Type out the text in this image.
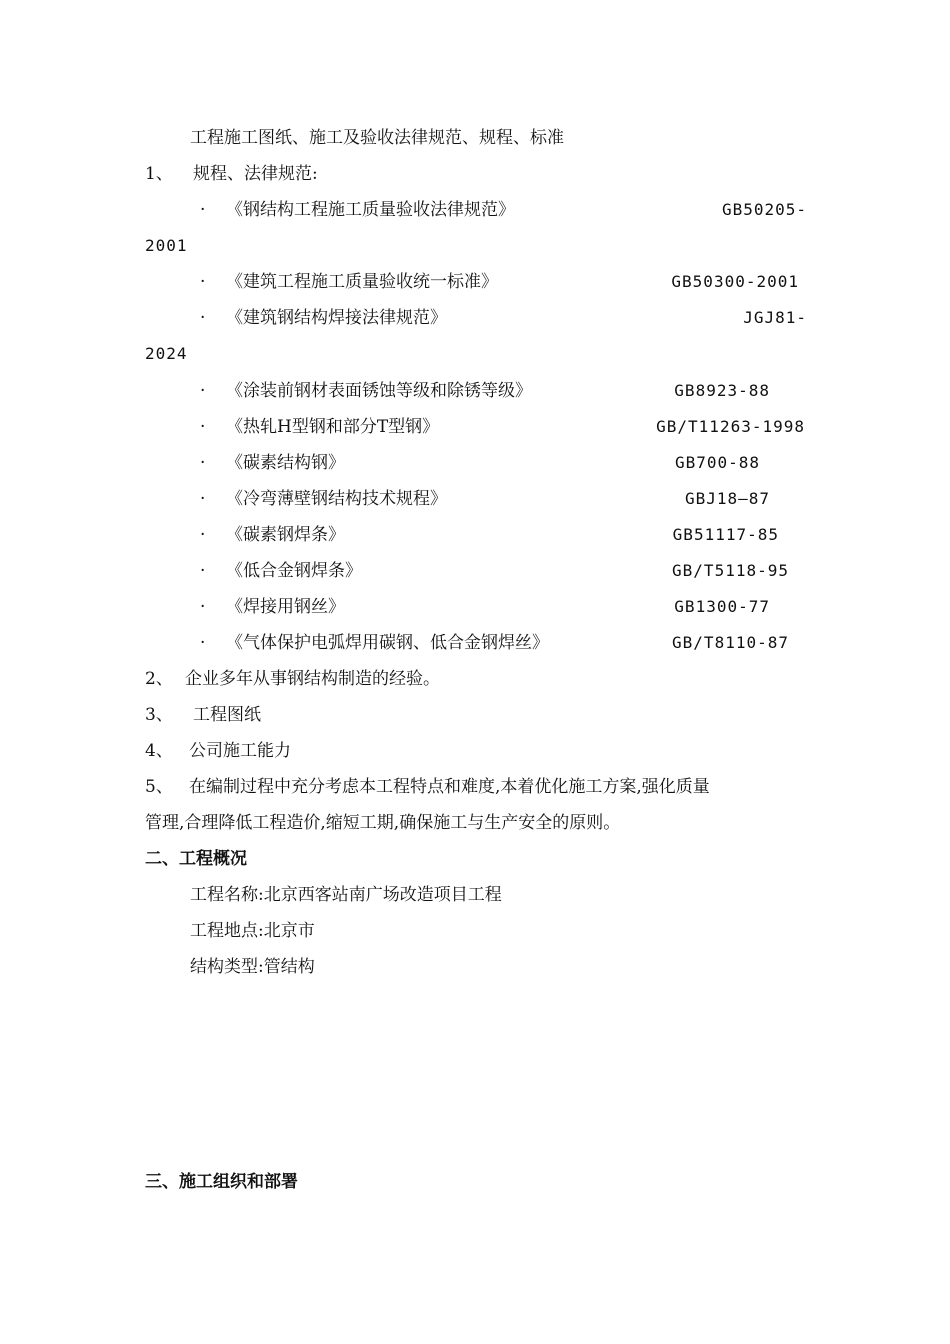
工程施工图纸、施工及验收法律规范、规程、标准
1、 规程、法律规范:
· 《钢结构工程施工质量验收法律规范》	GB50205-
2001
· 《建筑工程施工质量验收统一标准》	GB50300-2001
· 《建筑钢结构焊接法律规范》	JGJ81-
2024
· 《涂装前钢材表面锈蚀等级和除锈等级》	GB8923-88
· 《热轧H型钢和部分T型钢》	GB/T11263-1998
· 《碳素结构钢》	GB700-88
· 《冷弯薄壁钢结构技术规程》	GBJ18—87
· 《碳素钢焊条》	GB51117-85
· 《低合金钢焊条》	GB/T5118-95
· 《焊接用钢丝》	GB1300-77
· 《气体保护电弧焊用碳钢、低合金钢焊丝》	GB/T8110-87
2、 企业多年从事钢结构制造的经验。
3、 工程图纸
4、 公司施工能力
5、 在编制过程中充分考虑本工程特点和难度,本着优化施工方案,强化质量
管理,合理降低工程造价,缩短工期,确保施工与生产安全的原则。
二、工程概况
工程名称:北京西客站南广场改造项目工程
工程地点:北京市
结构类型:管结构
三、施工组织和部署
